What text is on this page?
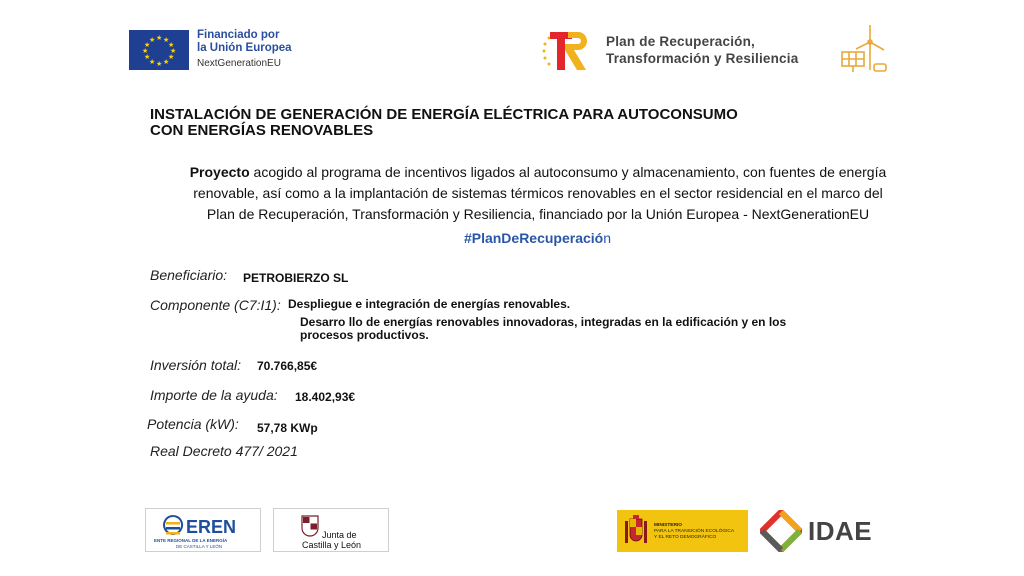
★ ★
★
★
★
★
★
★
★
★
★
★	Financiado por
la Unión Europea
NextGenerationEU
Plan de Recuperación,
Transformación y Resiliencia
INSTALACIÓN DE GENERACIÓN DE ENERGÍA ELÉCTRICA PARA AUTOCONSUMO
CON ENERGÍAS RENOVABLES
Proyecto acogido al programa de incentivos ligados al autoconsumo y almacenamiento, con fuentes de energía
renovable, así como a la implantación de sistemas térmicos renovables en el sector residencial en el marco del
Plan de Recuperación, Transformación y Resiliencia, financiado por la Unión Europea - NextGenerationEU
#PlanDeRecuperación
Beneficiario: PETROBIERZO SL
Componente (C7:I1): Despliegue e integración de energías renovables.
Desarro llo de energías renovables innovadoras, integradas en la edificación y en los
procesos productivos.
Inversión total: 70.766,85€
Importe de la ayuda: 18.402,93€
Potencia (kW): 57,78 KWp
Real Decreto 477/ 2021
EREN
ENTE REGIONAL DE LA ENERGÍA
DE CASTILLA Y LEÓN
Junta de
Castilla y León
MINISTERIO
PARA LA TRANSICIÓN ECOLÓGICA
Y EL RETO DEMOGRÁFICO	IDAE
